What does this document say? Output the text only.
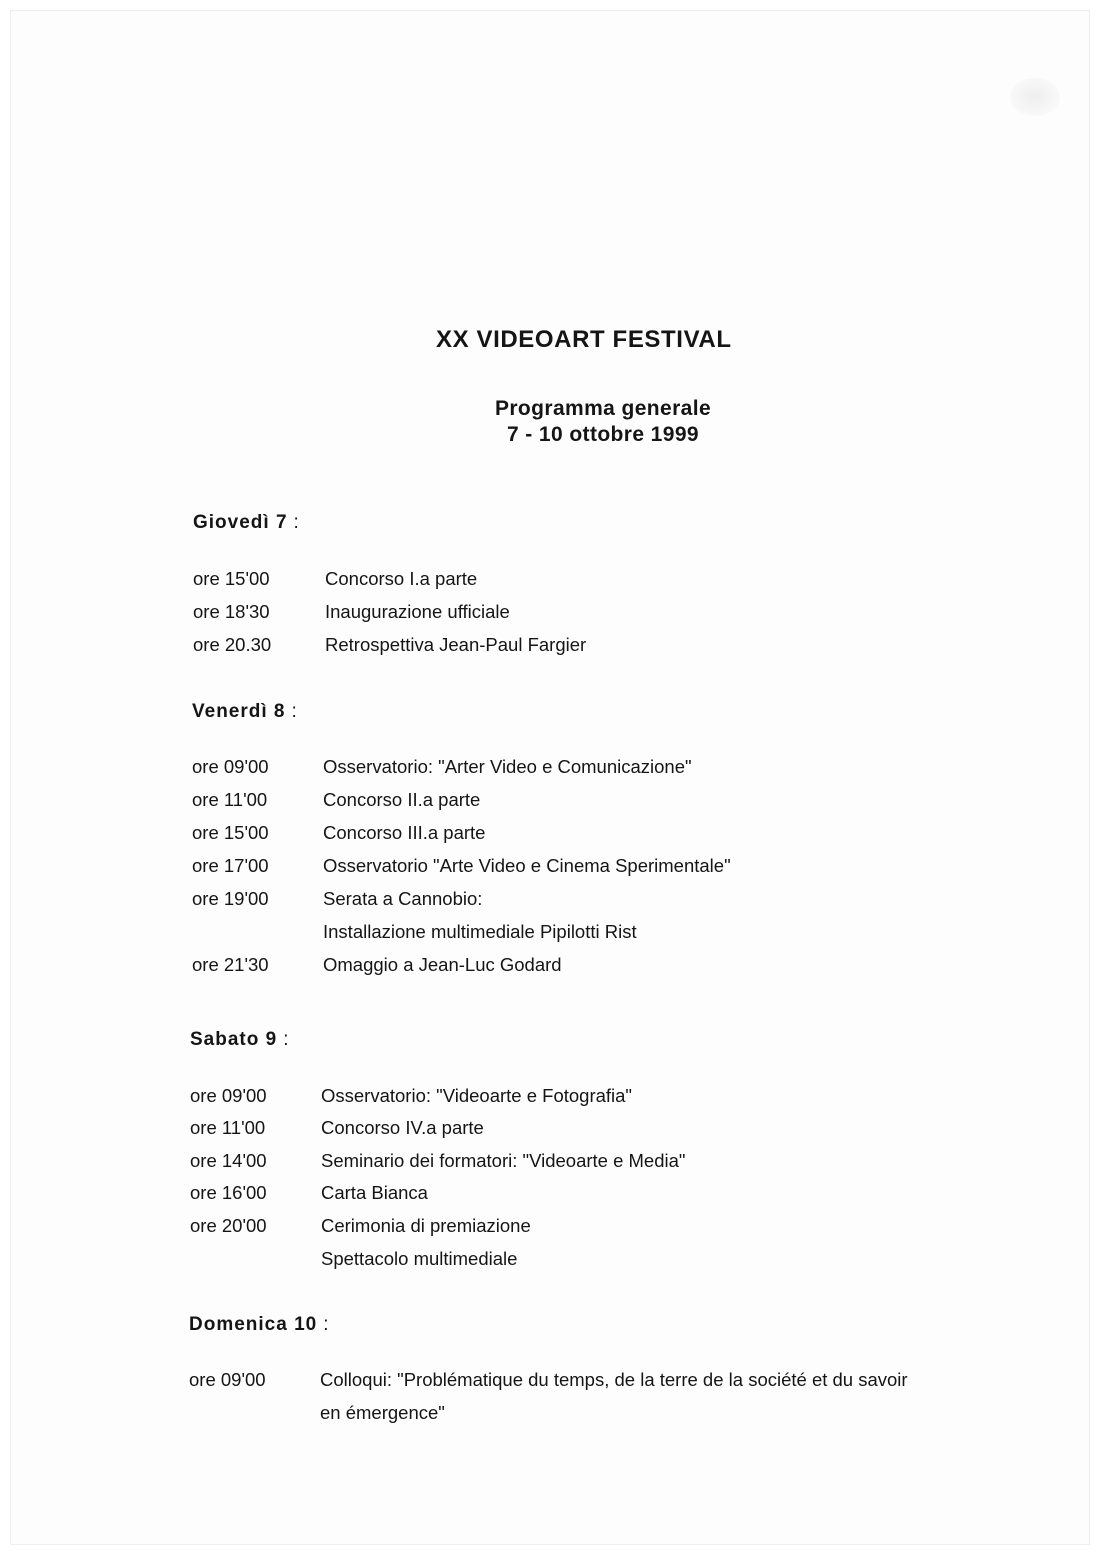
XX VIDEOART FESTIVAL
Programma generale
7 - 10 ottobre 1999
Giovedì 7 :
ore 15'00	Concorso I.a parte
ore 18'30	Inaugurazione ufficiale
ore 20.30	Retrospettiva Jean-Paul Fargier
Venerdì 8 :
ore 09'00	Osservatorio: "Arter Video e Comunicazione"
ore 11'00	Concorso II.a parte
ore 15'00	Concorso III.a parte
ore 17'00	Osservatorio "Arte Video e Cinema Sperimentale"
ore 19'00	Serata a Cannobio:
Installazione multimediale Pipilotti Rist
ore 21'30	Omaggio a Jean-Luc Godard
Sabato 9 :
ore 09'00	Osservatorio: "Videoarte e Fotografia"
ore 11'00	Concorso IV.a parte
ore 14'00	Seminario dei formatori: "Videoarte e Media"
ore 16'00	Carta Bianca
ore 20'00	Cerimonia di premiazione
Spettacolo multimediale
Domenica 10 :
ore 09'00	Colloqui: "Problématique du temps, de la terre de la société et du savoir
en émergence"
